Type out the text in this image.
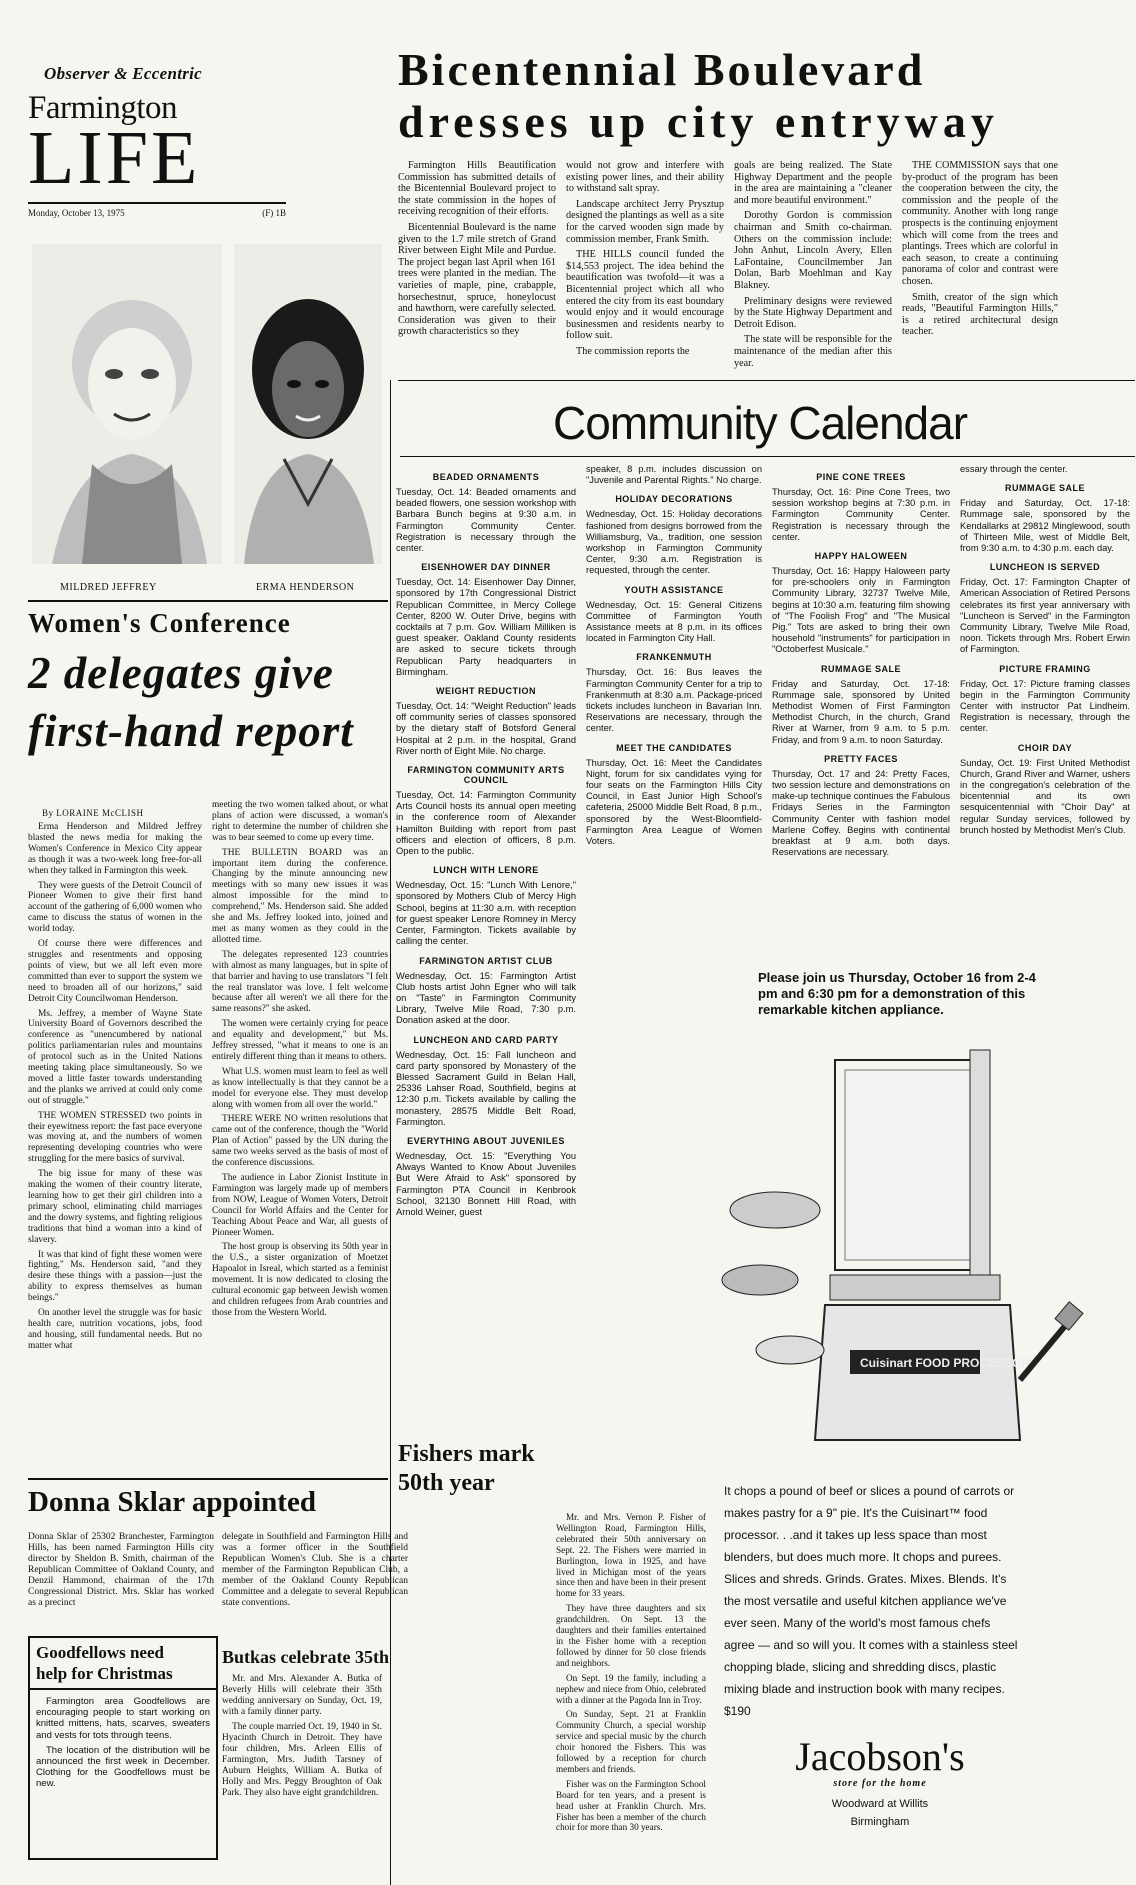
Observer & Eccentric
Farmington
LIFE
Monday, October 13, 1975	(F) 1B
Bicentennial Boulevard
dresses up city entryway

Farmington Hills Beautification Commission has submitted details of the Bicentennial Boulevard project to the state commission in the hopes of receiving recognition of their efforts.

Bicentennial Boulevard is the name given to the 1.7 mile stretch of Grand River between Eight Mile and Purdue. The project began last April when 161 trees were planted in the median. The varieties of maple, pine, crabapple, horsechestnut, spruce, honeylocust and hawthorn, were carefully selected. Consideration was given to their growth characteristics so they

would not grow and interfere with existing power lines, and their ability to withstand salt spray.

Landscape architect Jerry Prysztup designed the plantings as well as a site for the carved wooden sign made by commission member, Frank Smith.

THE HILLS council funded the $14,553 project. The idea behind the beautification was twofold—it was a Bicentennial project which all who entered the city from its east boundary would enjoy and it would encourage businessmen and residents nearby to follow suit.

The commission reports the

goals are being realized. The State Highway Department and the people in the area are maintaining a "cleaner and more beautiful environment."

Dorothy Gordon is commission chairman and Smith co-chairman. Others on the commission include: John Anhut, Lincoln Avery, Ellen LaFontaine, Councilmember Jan Dolan, Barb Moehlman and Kay Blakney.

Preliminary designs were reviewed by the State Highway Department and Detroit Edison.

The state will be responsible for the maintenance of the median after this year.

THE COMMISSION says that one by-product of the program has been the cooperation between the city, the commission and the people of the community. Another with long range prospects is the continuing enjoyment which will come from the trees and plantings. Trees which are colorful in each season, to create a continuing panorama of color and contrast were chosen.

Smith, creator of the sign which reads, "Beautiful Farmington Hills," is a retired architectural design teacher.

MILDRED JEFFREY	ERMA HENDERSON
Women's Conference
2 delegates give
first-hand report
By LORAINE McCLISH

Erma Henderson and Mildred Jeffrey blasted the news media for making the Women's Conference in Mexico City appear as though it was a two-week long free-for-all when they talked in Farmington this week.

They were guests of the Detroit Council of Pioneer Women to give their first hand account of the gathering of 6,000 women who came to discuss the status of women in the world today.

Of course there were differences and struggles and resentments and opposing points of view, but we all left even more committed than ever to support the system we need to broaden all of our horizons," said Detroit City Councilwoman Henderson.

Ms. Jeffrey, a member of Wayne State University Board of Governors described the conference as "unencumbered by national politics parliamentarian rules and mountains of protocol such as in the United Nations meeting taking place simultaneously. So we moved a little faster towards understanding and the planks we arrived at could only come out of struggle."

THE WOMEN STRESSED two points in their eyewitness report: the fast pace everyone was moving at, and the numbers of women representing developing countries who were struggling for the mere basics of survival.

The big issue for many of these was making the women of their country literate, learning how to get their girl children into a primary school, eliminating child marriages and the dowry systems, and fighting religious traditions that bind a woman into a kind of slavery.

It was that kind of fight these women were fighting," Ms. Henderson said, "and they desire these things with a passion—just the ability to express themselves as human beings."

On another level the struggle was for basic health care, nutrition vocations, jobs, food and housing, still fundamental needs. But no matter what

meeting the two women talked about, or what plans of action were discussed, a woman's right to determine the number of children she was to bear seemed to come up every time.

THE BULLETIN BOARD was an important item during the conference. Changing by the minute announcing new meetings with so many new issues it was almost impossible for the mind to comprehend," Ms. Henderson said. She added she and Ms. Jeffrey looked into, joined and met as many women as they could in the allotted time.

The delegates represented 123 countries with almost as many languages, but in spite of that barrier and having to use translators "I felt the real translator was love. I felt welcome because after all weren't we all there for the same reasons?" she asked.

The women were certainly crying for peace and equality and development," but Ms. Jeffrey stressed, "what it means to one is an entirely different thing than it means to others.

What U.S. women must learn to feel as well as know intellectually is that they cannot be a model for everyone else. They must develop along with women from all over the world."

THERE WERE NO written resolutions that came out of the conference, though the "World Plan of Action" passed by the UN during the same two weeks served as the basis of most of the conference discussions.

The audience in Labor Zionist Institute in Farmington was largely made up of members from NOW, League of Women Voters, Detroit Council for World Affairs and the Center for Teaching About Peace and War, all guests of Pioneer Women.

The host group is observing its 50th year in the U.S., a sister organization of Moetzet Hapoalot in Isreal, which started as a feminist movement. It is now dedicated to closing the cultural economic gap between Jewish women and children refugees from Arab countries and those from the Western World.

Community Calendar
BEADED ORNAMENTS

Tuesday, Oct. 14: Beaded ornaments and beaded flowers, one session workshop with Barbara Bunch begins at 9:30 a.m. in Farmington Community Center. Registration is necessary through the center.

EISENHOWER DAY DINNER

Tuesday, Oct. 14: Eisenhower Day Dinner, sponsored by 17th Congressional District Republican Committee, in Mercy College Center, 8200 W. Outer Drive, begins with cocktails at 7 p.m. Gov. William Milliken is guest speaker. Oakland County residents are asked to secure tickets through Republican Party headquarters in Birmingham.

WEIGHT REDUCTION

Tuesday, Oct. 14: "Weight Reduction" leads off community series of classes sponsored by the dietary staff of Botsford General Hospital at 2 p.m. in the hospital, Grand River north of Eight Mile. No charge.

FARMINGTON COMMUNITY ARTS COUNCIL

Tuesday, Oct. 14: Farmington Community Arts Council hosts its annual open meeting in the conference room of Alexander Hamilton Building with report from past officers and election of officers, 8 p.m. Open to the public.

LUNCH WITH LENORE

Wednesday, Oct. 15: "Lunch With Lenore," sponsored by Mothers Club of Mercy High School, begins at 11:30 a.m. with reception for guest speaker Lenore Romney in Mercy Center, Farmington. Tickets available by calling the center.

FARMINGTON ARTIST CLUB

Wednesday, Oct. 15: Farmington Artist Club hosts artist John Egner who will talk on "Taste" in Farmington Community Library, Twelve Mile Road, 7:30 p.m. Donation asked at the door.

LUNCHEON AND CARD PARTY

Wednesday, Oct. 15: Fall luncheon and card party sponsored by Monastery of the Blessed Sacrament Guild in Belan Hall, 25336 Lahser Road, Southfield, begins at 12:30 p.m. Tickets available by calling the monastery, 28575 Middle Belt Road, Farmington.

EVERYTHING ABOUT JUVENILES

Wednesday, Oct. 15: "Everything You Always Wanted to Know About Juveniles But Were Afraid to Ask" sponsored by Farmington PTA Council in Kenbrook School, 32130 Bonnett Hill Road, with Arnold Weiner, guest

speaker, 8 p.m. includes discussion on "Juvenile and Parental Rights." No charge.

HOLIDAY DECORATIONS

Wednesday, Oct. 15: Holiday decorations fashioned from designs borrowed from the Williamsburg, Va., tradition, one session workshop in Farmington Community Center, 9:30 a.m. Registration is requested, through the center.

YOUTH ASSISTANCE

Wednesday, Oct. 15: General Citizens Committee of Farmington Youth Assistance meets at 8 p.m. in its offices located in Farmington City Hall.

FRANKENMUTH

Thursday, Oct. 16: Bus leaves the Farmington Community Center for a trip to Frankenmuth at 8:30 a.m. Package-priced tickets includes luncheon in Bavarian Inn. Reservations are necessary, through the center.

MEET THE CANDIDATES

Thursday, Oct. 16: Meet the Candidates Night, forum for six candidates vying for four seats on the Farmington Hills City Council, in East Junior High School's cafeteria, 25000 Middle Belt Road, 8 p.m., sponsored by the West-Bloomfield-Farmington Area League of Women Voters.

PINE CONE TREES

Thursday, Oct. 16: Pine Cone Trees, two session workshop begins at 7:30 p.m. in Farmington Community Center. Registration is necessary through the center.

HAPPY HALOWEEN

Thursday, Oct. 16: Happy Haloween party for pre-schoolers only in Farmington Community Library, 32737 Twelve Mile, begins at 10:30 a.m. featuring film showing of "The Foolish Frog" and "The Musical Pig." Tots are asked to bring their own household "instruments" for participation in "Octoberfest Musicale."

RUMMAGE SALE

Friday and Saturday, Oct. 17-18: Rummage sale, sponsored by United Methodist Women of First Farmington Methodist Church, in the church, Grand River at Warner, from 9 a.m. to 5 p.m. Friday, and from 9 a.m. to noon Saturday.

PRETTY FACES

Thursday, Oct. 17 and 24: Pretty Faces, two session lecture and demonstrations on make-up technique continues the Fabulous Fridays Series in the Farmington Community Center with fashion model Marlene Coffey. Begins with continental breakfast at 9 a.m. both days. Reservations are necessary.

essary through the center.

RUMMAGE SALE

Friday and Saturday, Oct. 17-18: Rummage sale, sponsored by the Kendallarks at 29812 Minglewood, south of Thirteen Mile, west of Middle Belt, from 9:30 a.m. to 4:30 p.m. each day.

LUNCHEON IS SERVED

Friday, Oct. 17: Farmington Chapter of American Association of Retired Persons celebrates its first year anniversary with "Luncheon is Served" in the Farmington Community Library, Twelve Mile Road, noon. Tickets through Mrs. Robert Erwin of Farmington.

PICTURE FRAMING

Friday, Oct. 17: Picture framing classes begin in the Farmington Community Center with instructor Pat Lindheim. Registration is necessary, through the center.

CHOIR DAY

Sunday, Oct. 19: First United Methodist Church, Grand River and Warner, ushers in the congregation's celebration of the bicentennial and its own sesquicentennial with "Choir Day" at regular Sunday services, followed by brunch hosted by Methodist Men's Club.

Please join us Thursday, October 16 from 2-4 pm and 6:30 pm for a demonstration of this remarkable kitchen appliance.
Cuisinart FOOD PROCESSOR
It chops a pound of beef or slices a pound of carrots or makes pastry for a 9" pie. It's the Cuisinart™ food processor. . .and it takes up less space than most blenders, but does much more. It chops and purees. Slices and shreds. Grinds. Grates. Mixes. Blends. It's the most versatile and useful kitchen appliance we've ever seen. Many of the world's most famous chefs agree — and so will you. It comes with a stainless steel chopping blade, slicing and shredding discs, plastic mixing blade and instruction book with many recipes. $190
Jacobson's
store for the home
Woodward at Willits
Birmingham
Fishers mark
50th year

Mr. and Mrs. Vernon P. Fisher of Wellington Road, Farmington Hills, celebrated their 50th anniversary on Sept. 22. The Fishers were married in Burlington, Iowa in 1925, and have lived in Michigan most of the years since then and have been in their present home for 33 years.

They have three daughters and six grandchildren. On Sept. 13 the daughters and their families entertained in the Fisher home with a reception followed by dinner for 50 close friends and neighbors.

On Sept. 19 the family, including a nephew and niece from Ohio, celebrated with a dinner at the Pagoda Inn in Troy.

On Sunday, Sept. 21 at Franklin Community Church, a special worship service and special music by the church choir honored the Fishers. This was followed by a reception for church members and friends.

Fisher was on the Farmington School Board for ten years, and a present is head usher at Franklin Church. Mrs. Fisher has been a member of the church choir for more than 30 years.

Donna Sklar appointed

Donna Sklar of 25302 Branchester, Farmington Hills, has been named Farmington Hills city director by Sheldon B. Smith, chairman of the Republican Committee of Oakland County, and Denzil Hammond, chairman of the 17th Congressional District. Mrs. Sklar has worked as a precinct

delegate in Southfield and Farmington Hills and was a former officer in the Southfield Republican Women's Club. She is a charter member of the Farmington Republican Club, a member of the Oakland County Republican Committee and a delegate to several Republican state conventions.

Goodfellows need
help for Christmas

Farmington area Goodfellows are encouraging people to start working on knitted mittens, hats, scarves, sweaters and vests for tots through teens.

The location of the distribution will be announced the first week in December. Clothing for the Goodfellows must be new.

Butkas celebrate 35th

Mr. and Mrs. Alexander A. Butka of Beverly Hills will celebrate their 35th wedding anniversary on Sunday, Oct. 19, with a family dinner party.

The couple married Oct. 19, 1940 in St. Hyacinth Church in Detroit. They have four children, Mrs. Arleen Ellis of Farmington, Mrs. Judith Tarsney of Auburn Heights, William A. Butka of Holly and Mrs. Peggy Broughton of Oak Park. They also have eight grandchildren.
